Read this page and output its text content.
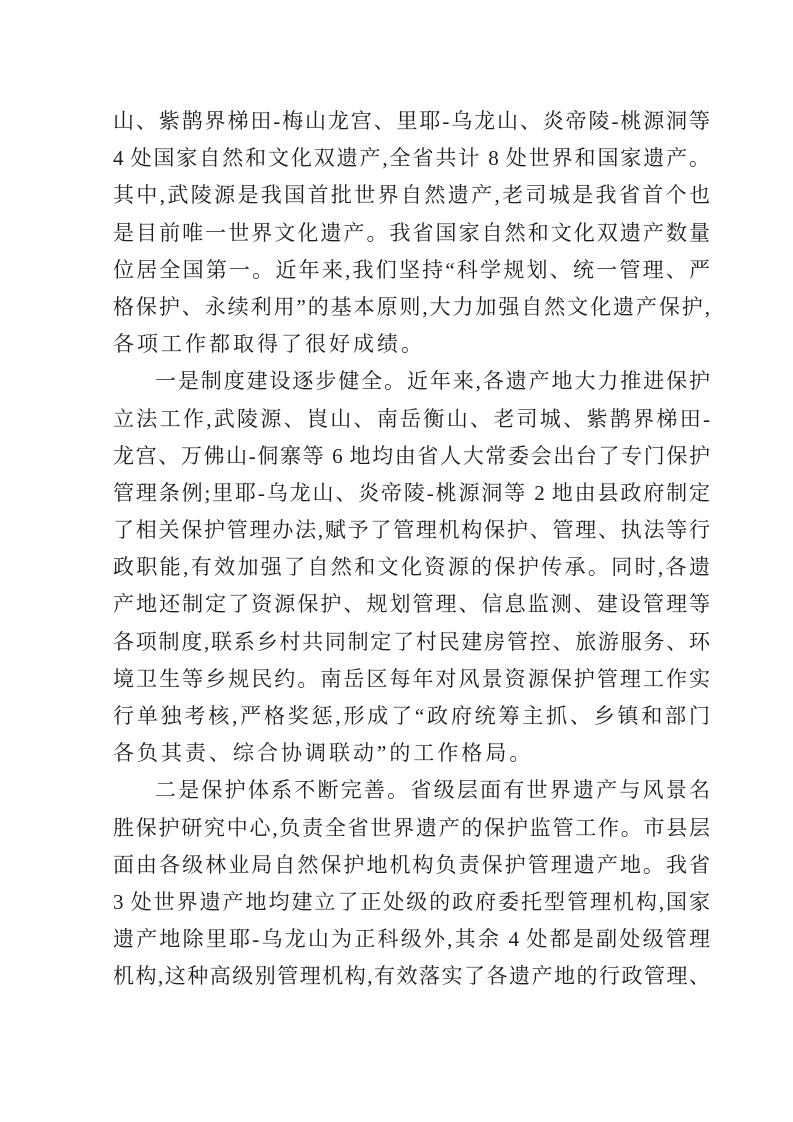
山、紫鹊界梯田-梅山龙宫、里耶-乌龙山、炎帝陵-桃源洞等
4 处国家自然和文化双遗产,全省共计 8 处世界和国家遗产。
其中,武陵源是我国首批世界自然遗产,老司城是我省首个也
是目前唯一世界文化遗产。我省国家自然和文化双遗产数量
位居全国第一。近年来,我们坚持“科学规划、统一管理、严
格保护、永续利用”的基本原则,大力加强自然文化遗产保护,
各项工作都取得了很好成绩。
一是制度建设逐步健全。近年来,各遗产地大力推进保护
立法工作,武陵源、崀山、南岳衡山、老司城、紫鹊界梯田-
龙宫、万佛山-侗寨等 6 地均由省人大常委会出台了专门保护
管理条例;里耶-乌龙山、炎帝陵-桃源洞等 2 地由县政府制定
了相关保护管理办法,赋予了管理机构保护、管理、执法等行
政职能,有效加强了自然和文化资源的保护传承。同时,各遗
产地还制定了资源保护、规划管理、信息监测、建设管理等
各项制度,联系乡村共同制定了村民建房管控、旅游服务、环
境卫生等乡规民约。南岳区每年对风景资源保护管理工作实
行单独考核,严格奖惩,形成了“政府统筹主抓、乡镇和部门
各负其责、综合协调联动”的工作格局。
二是保护体系不断完善。省级层面有世界遗产与风景名
胜保护研究中心,负责全省世界遗产的保护监管工作。市县层
面由各级林业局自然保护地机构负责保护管理遗产地。我省
3 处世界遗产地均建立了正处级的政府委托型管理机构,国家
遗产地除里耶-乌龙山为正科级外,其余 4 处都是副处级管理
机构,这种高级别管理机构,有效落实了各遗产地的行政管理、
